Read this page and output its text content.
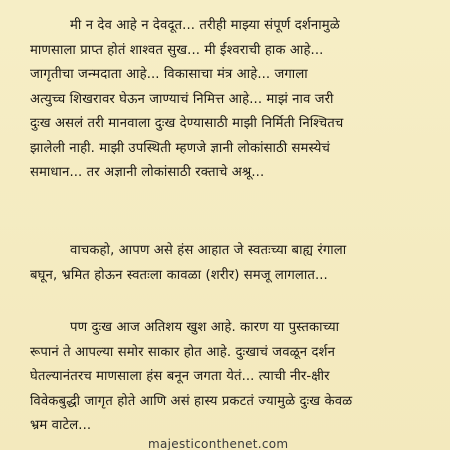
मी न देव आहे न देवदूत... तरीही माझ्या संपूर्ण दर्शनामुळे
माणसाला प्राप्त होतं शाश्वत सुख... मी ईश्वराची हाक आहे...
जागृतीचा जन्मदाता आहे... विकासाचा मंत्र आहे... जगाला
अत्युच्च शिखरावर घेऊन जाण्याचं निमित्त आहे... माझं नाव जरी
दुःख असलं तरी मानवाला दुःख देण्यासाठी माझी निर्मिती निश्चितच
झालेली नाही. माझी उपस्थिती म्हणजे ज्ञानी लोकांसाठी समस्येचं
समाधान... तर अज्ञानी लोकांसाठी रक्ताचे अश्रू...
वाचकहो, आपण असे हंस आहात जे स्वतःच्या बाह्य रंगाला
बघून, भ्रमित होऊन स्वतःला कावळा (शरीर) समजू लागलात...
पण दुःख आज अतिशय खुश आहे. कारण या पुस्तकाच्या
रूपानं ते आपल्या समोर साकार होत आहे. दुःखाचं जवळून दर्शन
घेतल्यानंतरच माणसाला हंस बनून जगता येतं... त्याची नीर-क्षीर
विवेकबुद्धी जागृत होते आणि असं हास्य प्रकटतं ज्यामुळे दुःख केवळ
भ्रम वाटेल...
majesticonthenet.com
